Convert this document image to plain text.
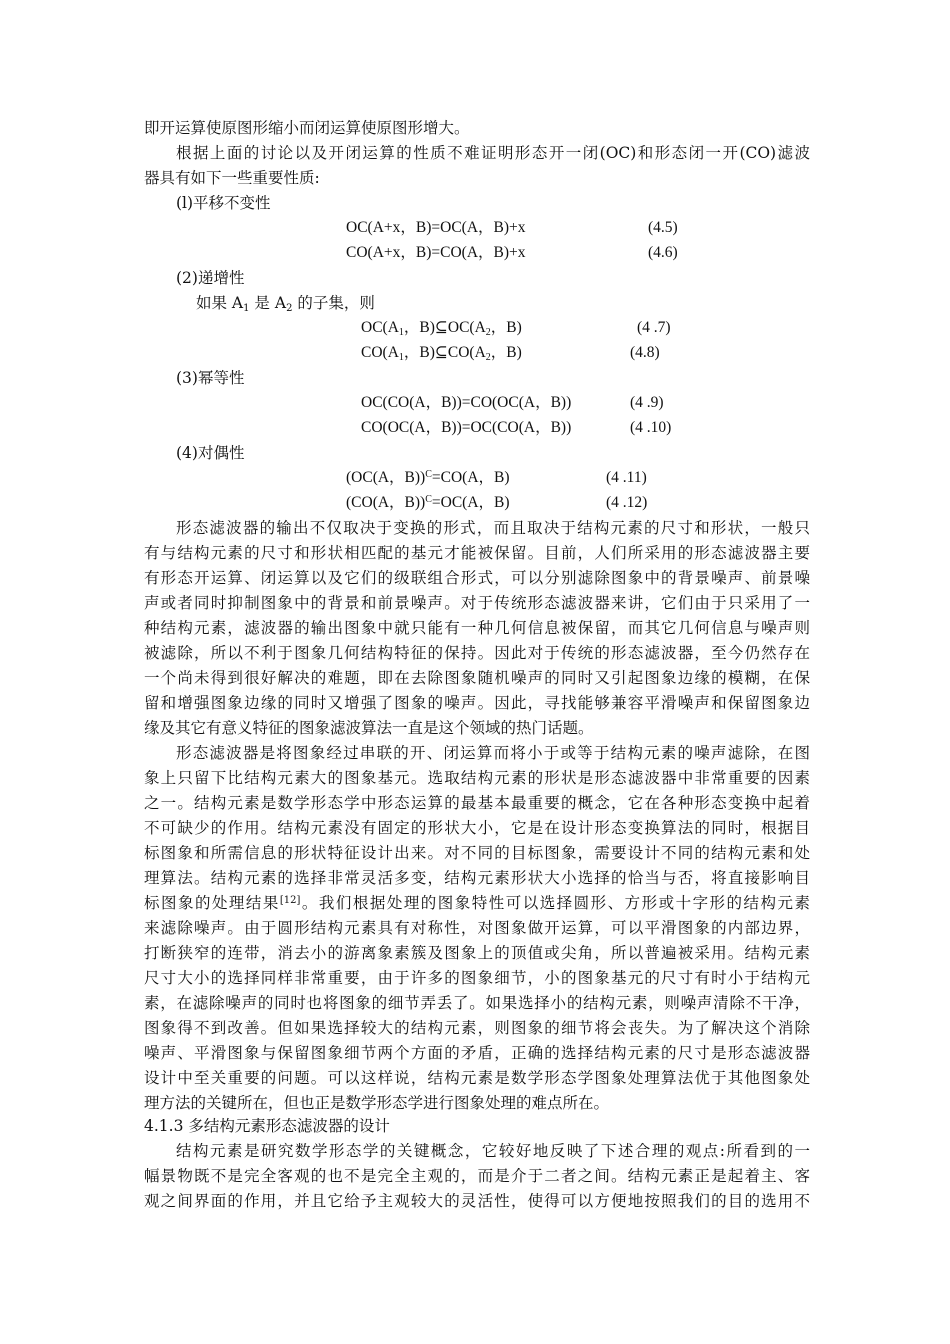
即开运算使原图形缩小而闭运算使原图形增大。
根据上面的讨论以及开闭运算的性质不难证明形态开一闭(OC)和形态闭一开(CO)滤波
器具有如下一些重要性质:
(l)平移不变性
OC(A+x，B)=OC(A，B)+x	(4.5)
CO(A+x，B)=CO(A，B)+x	(4.6)
(2)递增性
如果 $A_1$ 是 $A_2$ 的子集，则
$OC(A_1$，$B)⊆OC(A_2$，B)	(4 .7)
$CO(A_1$，$B)⊆CO(A_2$，B)	(4.8)
(3)幂等性
OC(CO(A，B))=CO(OC(A，B))	(4 .9)
CO(OC(A，B))=OC(CO(A，B))	(4 .10)
(4)对偶性
(OC(A，B))$^C$=CO(A，B)	(4 .11)
(CO(A，B))$^C$=OC(A，B)	(4 .12)
形态滤波器的输出不仅取决于变换的形式，而且取决于结构元素的尺寸和形状，一般只
有与结构元素的尺寸和形状相匹配的基元才能被保留。目前，人们所采用的形态滤波器主要
有形态开运算、闭运算以及它们的级联组合形式，可以分别滤除图象中的背景噪声、前景噪
声或者同时抑制图象中的背景和前景噪声。对于传统形态滤波器来讲，它们由于只采用了一
种结构元素，滤波器的输出图象中就只能有一种几何信息被保留，而其它几何信息与噪声则
被滤除，所以不利于图象几何结构特征的保持。因此对于传统的形态滤波器，至今仍然存在
一个尚未得到很好解决的难题，即在去除图象随机噪声的同时又引起图象边缘的模糊，在保
留和增强图象边缘的同时又增强了图象的噪声。因此，寻找能够兼容平滑噪声和保留图象边
缘及其它有意义特征的图象滤波算法一直是这个领域的热门话题。
形态滤波器是将图象经过串联的开、闭运算而将小于或等于结构元素的噪声滤除，在图
象上只留下比结构元素大的图象基元。选取结构元素的形状是形态滤波器中非常重要的因素
之一。结构元素是数学形态学中形态运算的最基本最重要的概念，它在各种形态变换中起着
不可缺少的作用。结构元素没有固定的形状大小，它是在设计形态变换算法的同时，根据目
标图象和所需信息的形状特征设计出来。对不同的目标图象，需要设计不同的结构元素和处
理算法。结构元素的选择非常灵活多变，结构元素形状大小选择的恰当与否，将直接影响目
标图象的处理结果[12]。我们根据处理的图象特性可以选择圆形、方形或十字形的结构元素
来滤除噪声。由于圆形结构元素具有对称性，对图象做开运算，可以平滑图象的内部边界，
打断狭窄的连带，消去小的游离象素簇及图象上的顶值或尖角，所以普遍被采用。结构元素
尺寸大小的选择同样非常重要，由于许多的图象细节，小的图象基元的尺寸有时小于结构元
素，在滤除噪声的同时也将图象的细节弄丢了。如果选择小的结构元素，则噪声清除不干净，
图象得不到改善。但如果选择较大的结构元素，则图象的细节将会丧失。为了解决这个消除
噪声、平滑图象与保留图象细节两个方面的矛盾，正确的选择结构元素的尺寸是形态滤波器
设计中至关重要的问题。可以这样说，结构元素是数学形态学图象处理算法优于其他图象处
理方法的关键所在，但也正是数学形态学进行图象处理的难点所在。
4.1.3 多结构元素形态滤波器的设计
结构元素是研究数学形态学的关键概念，它较好地反映了下述合理的观点:所看到的一
幅景物既不是完全客观的也不是完全主观的，而是介于二者之间。结构元素正是起着主、客
观之间界面的作用，并且它给予主观较大的灵活性，使得可以方便地按照我们的目的选用不
